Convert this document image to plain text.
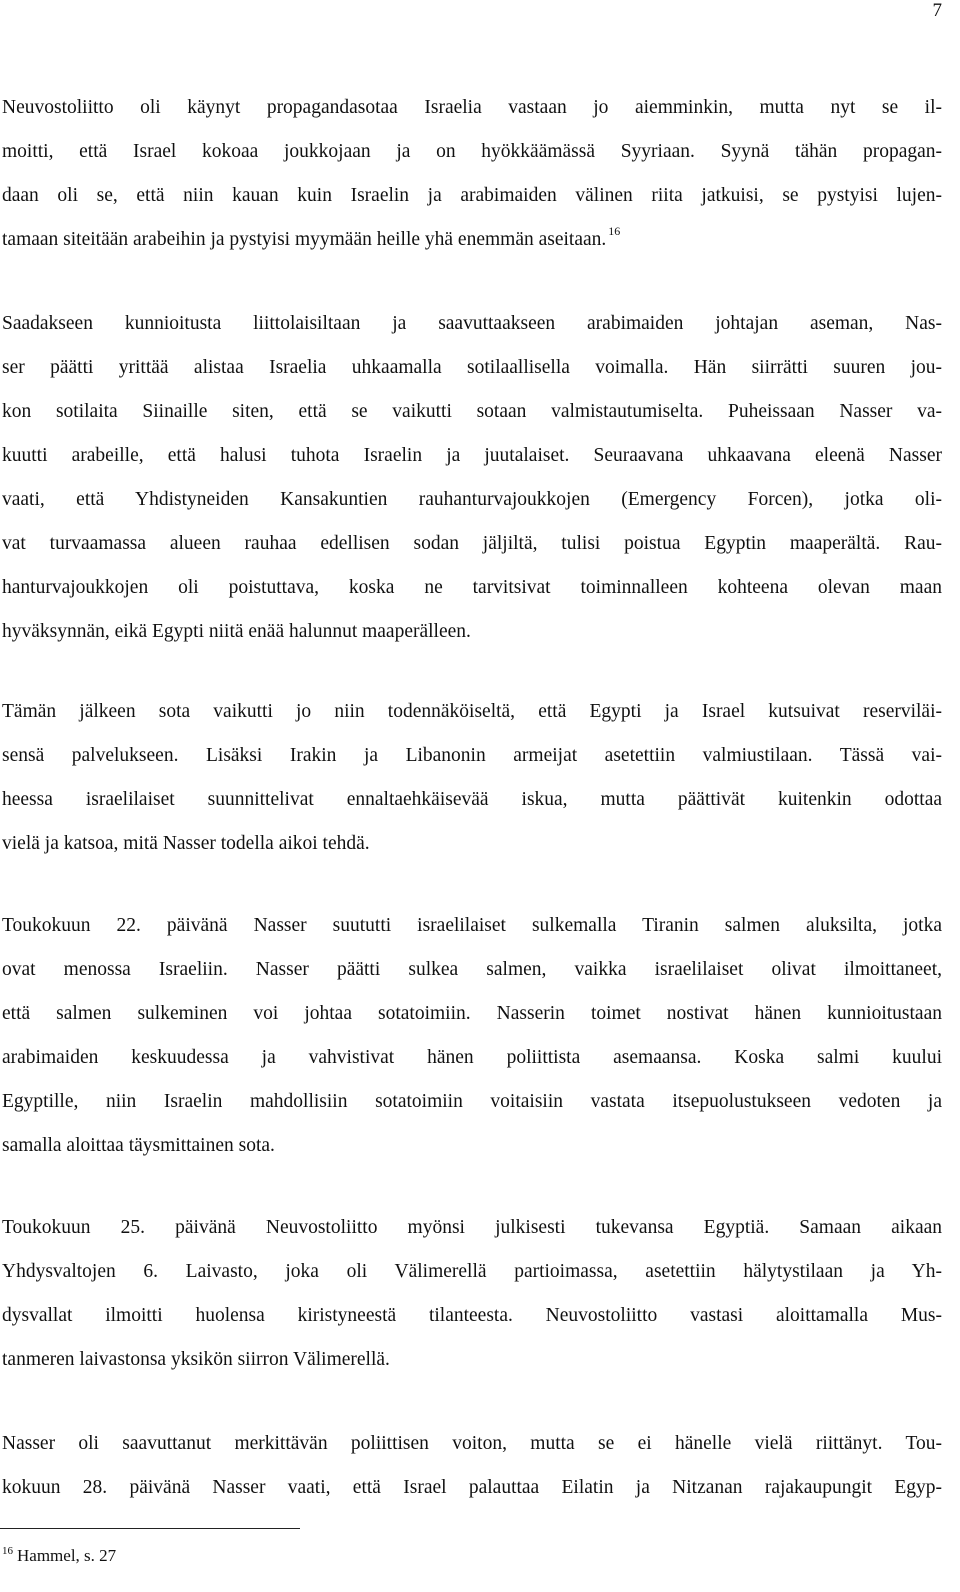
7
Neuvostoliitto oli käynyt propagandasotaa Israelia vastaan jo aiemminkin, mutta nyt se il-
moitti, että Israel kokoaa joukkojaan ja on hyökkäämässä Syyriaan. Syynä tähän propagan-
daan oli se, että niin kauan kuin Israelin ja arabimaiden välinen riita jatkuisi, se pystyisi lujen-
tamaan siteitään arabeihin ja pystyisi myymään heille yhä enemmän aseitaan. $^{16}$
Saadakseen kunnioitusta liittolaisiltaan ja saavuttaakseen arabimaiden johtajan aseman, Nas-
ser päätti yrittää alistaa Israelia uhkaamalla sotilaallisella voimalla. Hän siirrätti suuren jou-
kon sotilaita Siinaille siten, että se vaikutti sotaan valmistautumiselta. Puheissaan Nasser va-
kuutti arabeille, että halusi tuhota Israelin ja juutalaiset. Seuraavana uhkaavana eleenä Nasser
vaati, että Yhdistyneiden Kansakuntien rauhanturvajoukkojen (Emergency Forcen), jotka oli-
vat turvaamassa alueen rauhaa edellisen sodan jäljiltä, tulisi poistua Egyptin maaperältä. Rau-
hanturvajoukkojen oli poistuttava, koska ne tarvitsivat toiminnalleen kohteena olevan maan
hyväksynnän, eikä Egypti niitä enää halunnut maaperälleen.
Tämän jälkeen sota vaikutti jo niin todennäköiseltä, että Egypti ja Israel kutsuivat reserviläi-
sensä palvelukseen. Lisäksi Irakin ja Libanonin armeijat asetettiin valmiustilaan. Tässä vai-
heessa israelilaiset suunnittelivat ennaltaehkäisevää iskua, mutta päättivät kuitenkin odottaa
vielä ja katsoa, mitä Nasser todella aikoi tehdä.
Toukokuun 22. päivänä Nasser suututti israelilaiset sulkemalla Tiranin salmen aluksilta, jotka
ovat menossa Israeliin. Nasser päätti sulkea salmen, vaikka israelilaiset olivat ilmoittaneet,
että salmen sulkeminen voi johtaa sotatoimiin. Nasserin toimet nostivat hänen kunnioitustaan
arabimaiden keskuudessa ja vahvistivat hänen poliittista asemaansa. Koska salmi kuului
Egyptille, niin Israelin mahdollisiin sotatoimiin voitaisiin vastata itsepuolustukseen vedoten ja
samalla aloittaa täysmittainen sota.
Toukokuun 25. päivänä Neuvostoliitto myönsi julkisesti tukevansa Egyptiä. Samaan aikaan
Yhdysvaltojen 6. Laivasto, joka oli Välimerellä partioimassa, asetettiin hälytystilaan ja Yh-
dysvallat ilmoitti huolensa kiristyneestä tilanteesta. Neuvostoliitto vastasi aloittamalla Mus-
tanmeren laivastonsa yksikön siirron Välimerellä.
Nasser oli saavuttanut merkittävän poliittisen voiton, mutta se ei hänelle vielä riittänyt. Tou-
kokuun 28. päivänä Nasser vaati, että Israel palauttaa Eilatin ja Nitzanan rajakaupungit Egyp-
$^{16}$ Hammel, s. 27
